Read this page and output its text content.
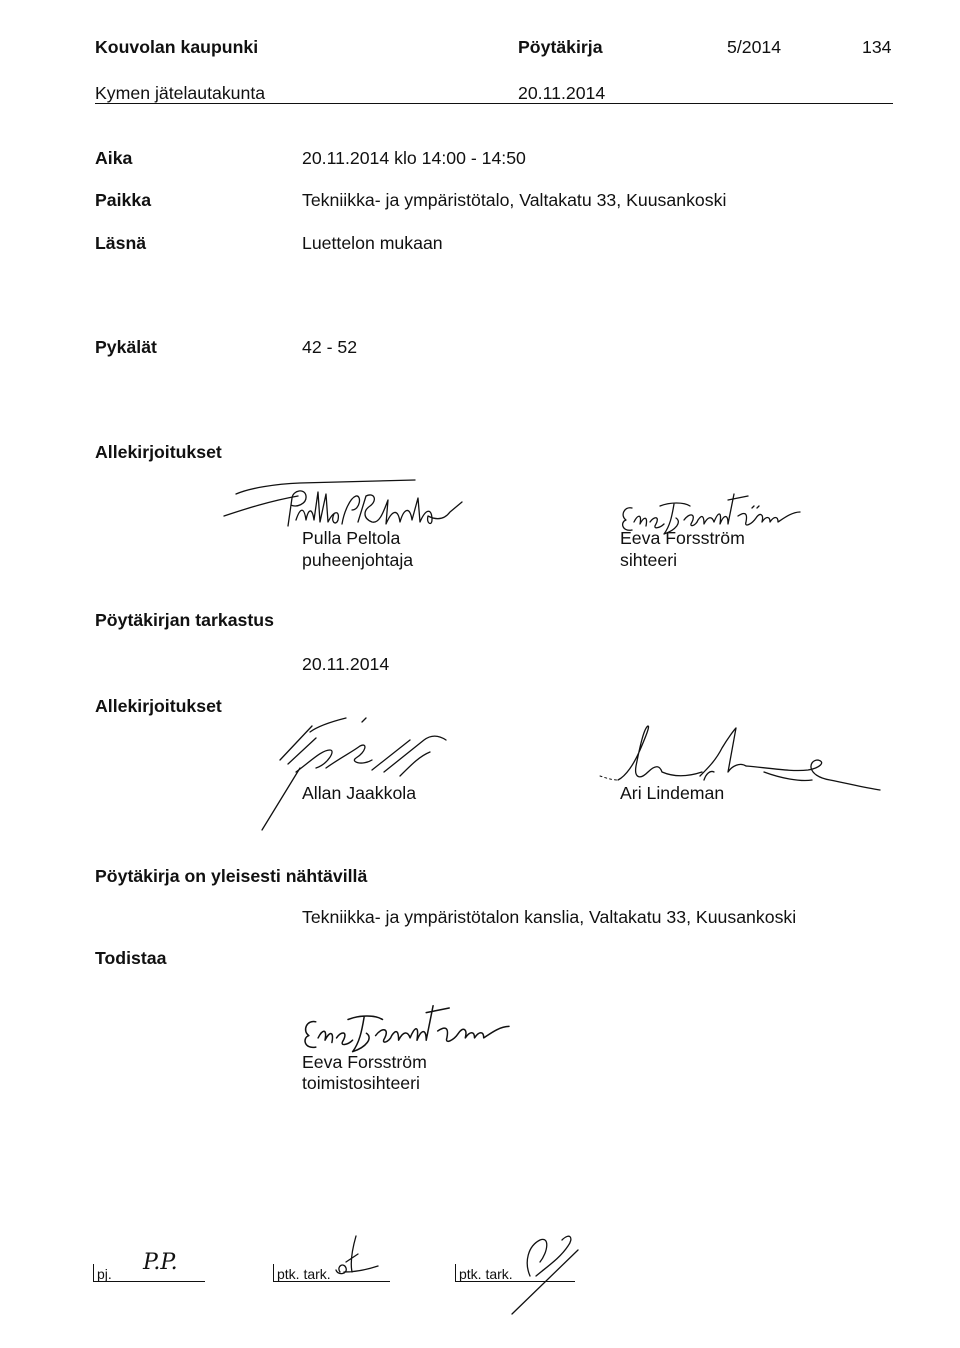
Kouvolan kaupunki	Pöytäkirja	5/2014	134
Kymen jätelautakunta	20.11.2014
Aika	20.11.2014 klo 14:00 - 14:50
Paikka	Tekniikka- ja ympäristötalo, Valtakatu 33, Kuusankoski
Läsnä	Luettelon mukaan
Pykälät	42 - 52
Allekirjoitukset
Pulla Peltola
puheenjohtaja
Eeva Forsström
sihteeri
Pöytäkirjan tarkastus
20.11.2014
Allekirjoitukset
Allan Jaakkola	Ari Lindeman
Pöytäkirja on yleisesti nähtävillä
Tekniikka- ja ympäristötalon kanslia, Valtakatu 33, Kuusankoski
Todistaa
Eeva Forsström
toimistosihteeri
pj. P.P.	ptk. tark.	ptk. tark.
